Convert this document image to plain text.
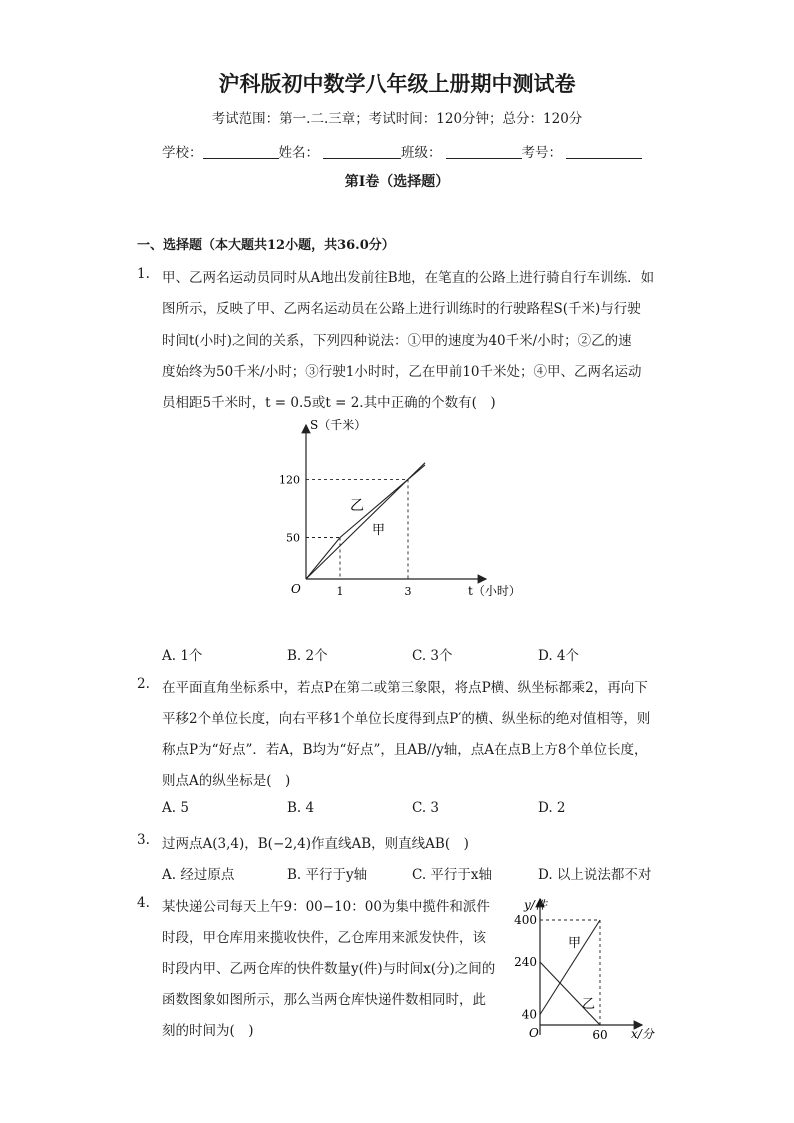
沪科版初中数学八年级上册期中测试卷
考试范围：第一.二.三章；考试时间：120分钟；总分：120分
学校：	姓名：	班级：	考号：
第I卷（选择题）
一、选择题（本大题共12小题，共36.0分）
1. 甲、乙两名运动员同时从A地出发前往B地，在笔直的公路上进行骑自行车训练．如
图所示，反映了甲、乙两名运动员在公路上进行训练时的行驶路程S(千米)与行驶
时间t(小时)之间的关系，下列四种说法：①甲的速度为40千米/小时；②乙的速
度始终为50千米/小时；③行驶1小时时，乙在甲前10千米处；④甲、乙两名运动
员相距5千米时，t = 0.5或t = 2.其中正确的个数有(　)
S（千米）
t（小时）
O	1	3
50
120
乙
甲
A. 1个	B. 2个	C. 3个	D. 4个
2. 在平面直角坐标系中，若点P在第二或第三象限，将点P横、纵坐标都乘2，再向下
平移2个单位长度，向右平移1个单位长度得到点P′的横、纵坐标的绝对值相等，则
称点P为“好点”．若A，B均为“好点”，且AB//y轴，点A在点B上方8个单位长度，
则点A的纵坐标是(　)
A. 5	B. 4	C. 3	D. 2
3. 过两点A(3,4)，B(−2,4)作直线AB，则直线AB(　)
A. 经过原点	B. 平行于y轴	C. 平行于x轴	D. 以上说法都不对
4. 某快递公司每天上午9：00−10：00为集中揽件和派件
时段，甲仓库用来揽收快件，乙仓库用来派发快件，该
时段内甲、乙两仓库的快件数量y(件)与时间x(分)之间的
函数图象如图所示，那么当两仓库快递件数相同时，此
刻的时间为(　)
y/件
x/分
O	60
40
240
400
甲
乙
